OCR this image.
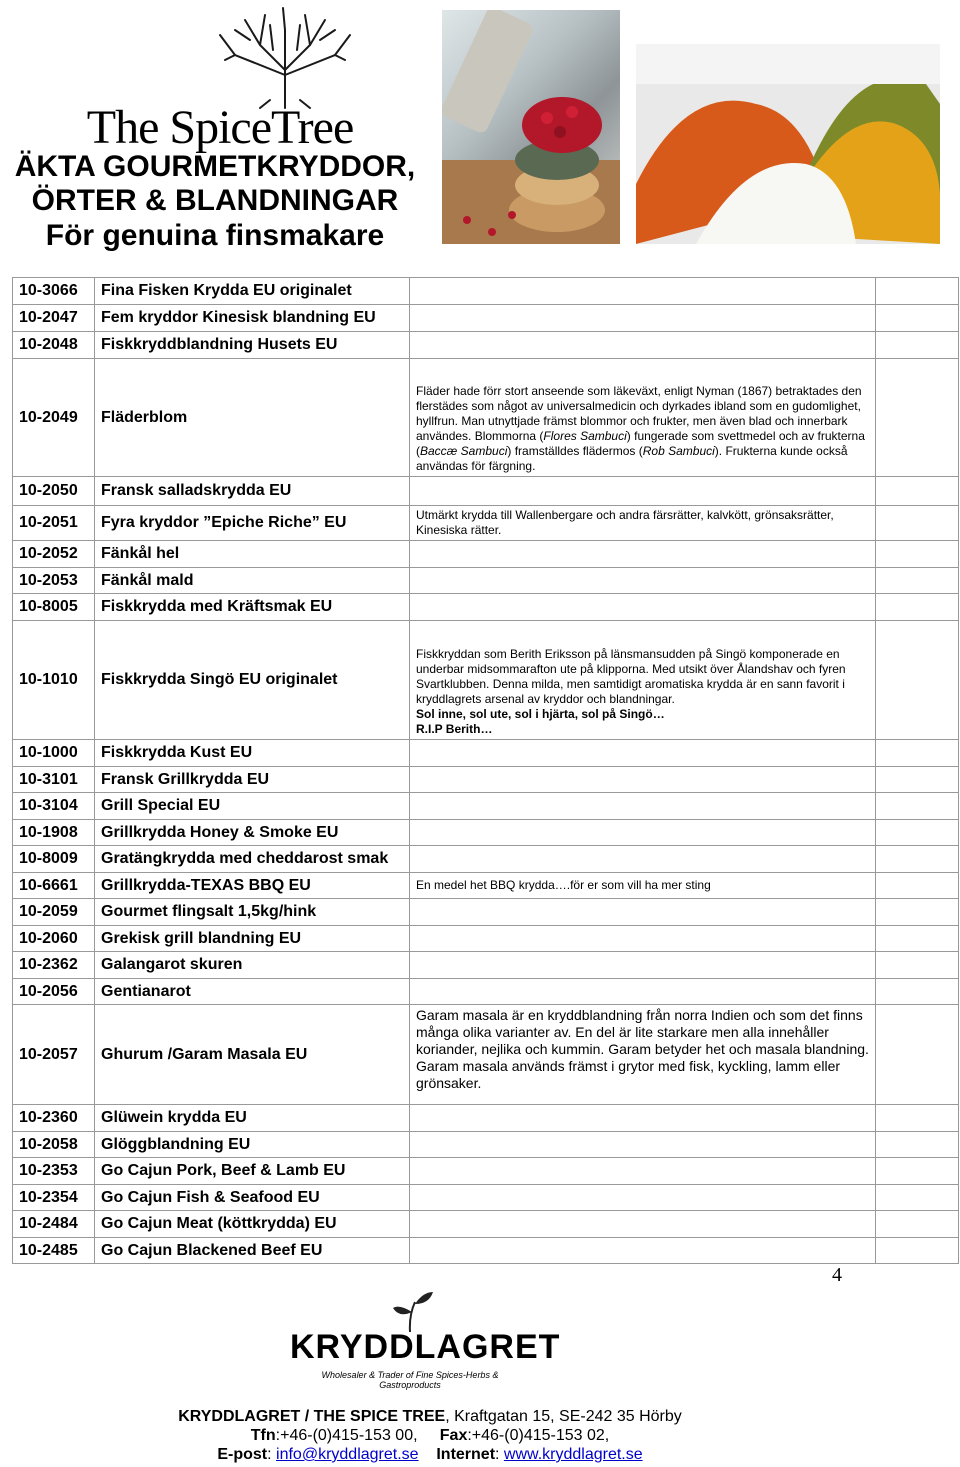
The SpiceTree
ÄKTA GOURMETKRYDDOR,
ÖRTER & BLANDNINGAR
För genuina finsmakare
10-3066	Fina Fisken Krydda EU originalet		
10-2047	Fem kryddor Kinesisk blandning EU		
10-2048	Fiskkryddblandning Husets EU		
10-2049	Fläderblom	Fläder hade förr stort anseende som läkeväxt, enligt Nyman (1867) betraktades den flerstädes som något av universalmedicin och dyrkades ibland som en gudomlighet, hyllfrun. Man utnyttjade främst blommor och frukter, men även blad och innerbark användes. Blommorna (Flores Sambuci) fungerade som svettmedel och av frukterna (Baccæ Sambuci) framställdes flädermos (Rob Sambuci). Frukterna kunde också användas för färgning.	
10-2050	Fransk salladskrydda EU		
10-2051	Fyra kryddor ”Epiche Riche” EU	Utmärkt krydda till Wallenbergare och andra färsrätter, kalvkött, grönsaksrätter, Kinesiska rätter.	
10-2052	Fänkål hel		
10-2053	Fänkål mald		
10-8005	Fiskkrydda med Kräftsmak EU		
10-1010	Fiskkrydda Singö EU originalet	Fiskkryddan som Berith Eriksson på länsmansudden på Singö komponerade en underbar midsommarafton ute på klipporna. Med utsikt över Ålandshav och fyren Svartklubben. Denna milda, men samtidigt aromatiska krydda är en sann favorit i kryddlagrets arsenal av kryddor och blandningar.
Sol inne, sol ute, sol i hjärta, sol på Singö…
R.I.P Berith…	

10-1000	Fiskkrydda Kust EU		
10-3101	Fransk Grillkrydda EU		
10-3104	Grill Special EU		
10-1908	Grillkrydda Honey & Smoke EU		
10-8009	Gratängkrydda med cheddarost smak		
10-6661	Grillkrydda-TEXAS BBQ EU	En medel het BBQ krydda….för er som vill ha mer sting	
10-2059	Gourmet flingsalt 1,5kg/hink		
10-2060	Grekisk grill blandning EU		
10-2362	Galangarot skuren		
10-2056	Gentianarot		
10-2057	Ghurum /Garam Masala EU	Garam masala är en kryddblandning från norra Indien och som det finns många olika varianter av. En del är lite starkare men alla innehåller koriander, nejlika och kummin. Garam betyder het och masala blandning. Garam masala används främst i grytor med fisk, kyckling, lamm eller grönsaker.	
10-2360	Glüwein krydda EU		
10-2058	Glöggblandning EU		
10-2353	Go Cajun Pork, Beef & Lamb EU		
10-2354	Go Cajun Fish & Seafood EU		
10-2484	Go Cajun Meat (köttkrydda) EU		
10-2485	Go Cajun Blackened Beef EU		
4
KRYDDLAGRET
Wholesaler & Trader of Fine Spices-Herbs & Gastroproducts
KRYDDLAGRET / THE SPICE TREE, Kraftgatan 15, SE-242 35 Hörby
Tfn:+46-(0)415-153 00, Fax:+46-(0)415-153 02,
E-post: info@kryddlagret.se Internet: www.kryddlagret.se
